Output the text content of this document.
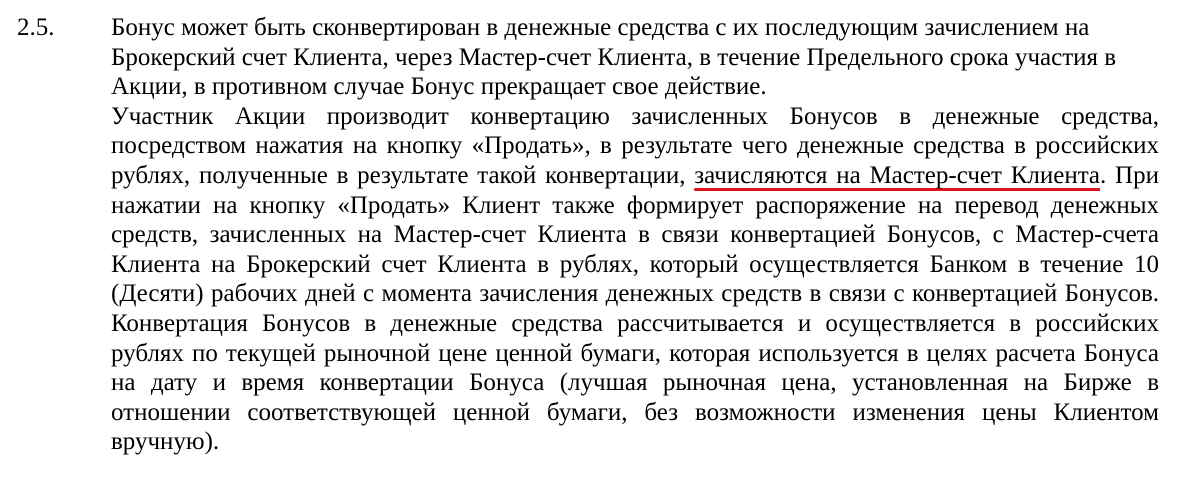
2.5. Бонус может быть сконвертирован в денежные средства с их последующим зачислением на Брокерский счет Клиента, через Мастер-счет Клиента, в течение Предельного срока участия в Акции, в противном случае Бонус прекращает свое действие.

Участник Акции производит конвертацию зачисленных Бонусов в денежные средства, посредством нажатия на кнопку «Продать», в результате чего денежные средства в российских рублях, полученные в результате такой конвертации, зачисляются на Мастер-счет Клиента. При нажатии на кнопку «Продать» Клиент также формирует распоряжение на перевод денежных средств, зачисленных на Мастер-счет Клиента в связи конвертацией Бонусов, с Мастер-счета Клиента на Брокерский счет Клиента в рублях, который осуществляется Банком в течение 10 (Десяти) рабочих дней с момента зачисления денежных средств в связи с конвертацией Бонусов. Конвертация Бонусов в денежные средства рассчитывается и осуществляется в российских рублях по текущей рыночной цене ценной бумаги, которая используется в целях расчета Бонуса на дату и время конвертации Бонуса (лучшая рыночная цена, установленная на Бирже в отношении соответствующей ценной бумаги, без возможности изменения цены Клиентом вручную).
